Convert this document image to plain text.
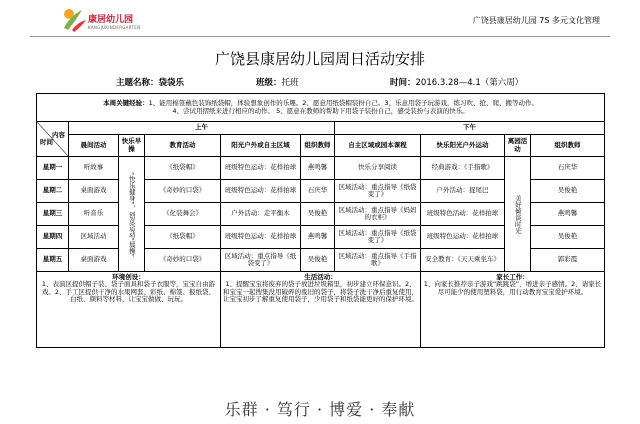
康居幼儿园
KANGJUKINDERGARTEN
广饶县康居幼儿园 7S 多元文化管理
广饶县康居幼儿园周日活动安排
主题名称：袋袋乐	班级：托班	时间：2016.3.28—4.1（第六周）
本周关键经验：1、能用棉签蘸色装饰纸袋帽，体验想象创作的乐趣。2、愿意用纸袋帽装扮自己。3、乐意用袋子玩游戏，练习吹、抢、爬、搬等动作。
4、尝试用摺纸来进行相应的动作。 5、愿意在教师的帮助下用袋子装扮自己，感受装扮与表演的快乐。									

内容
时间	上午					下午			
	晨间活动	快乐早操	教育活动	阳光户外或自主区域	组织教师	自主区域或园本课程	快乐阳光户外运动	离园活动	组织教师
星期一	听故事	“快乐健身”，创意运动“晨操”	《纸袋帽》	班级特色运动：花样拍球	燕鸣馨	快乐分享阅读	经典游戏：《手指歌》	美好倾谈时光	石庆华
星期二	桌面游戏		《奇妙的口袋》	班级特色运动：花样拍球	石庆华	区域活动：重点指导《纸袋变了》	户外活动：捉尾巴		吴俊艳
星期三	听音乐		《化装舞会》	户外活动：走平衡木	吴俊艳	区域活动：重点指导《妈妈的衣柜》	班级特色活动：花样拍球		燕鸣馨
星期四	区域活动		《纸袋帽》	班级特色运动：花样拍球	燕鸣馨	区域活动：重点指导《纸袋变了》	班级特色运动：花样拍球		吴俊艳
星期五	桌面游戏		《奇妙的口袋》	区域活动：重点指导《纸袋变了》	吴俊艳	区域活动：重点指导《手指歌》	安全教育：《天天乘坐车》		郭彩霞
环境创设：
1、表演区提供帽子装、袋子面具和袋子衣服等，宝宝自由游戏。2、手工区提供干净的水果网套、彩纸、棉签、报纸袋、白纸、颜料等材料，让宝宝做做、玩玩。				生活活动：
1、提醒宝宝将废弃的袋子放进垃圾箱里，初步建立环保意识。2、和宝宝一起搜集没用破碎的废旧的袋子，将袋子洗干净后重复使用，让宝宝初步了解重复使用袋子，少用袋子和纸袋能更好的保护环境。			家长工作：
1、向家长推荐亲子游戏“跳跳袋”，增进亲子感情。2、请家长尽可能少的使用塑料袋，用行动教育宝宝爱护环境。		
乐群 · 笃行 · 博爱 · 奉献
